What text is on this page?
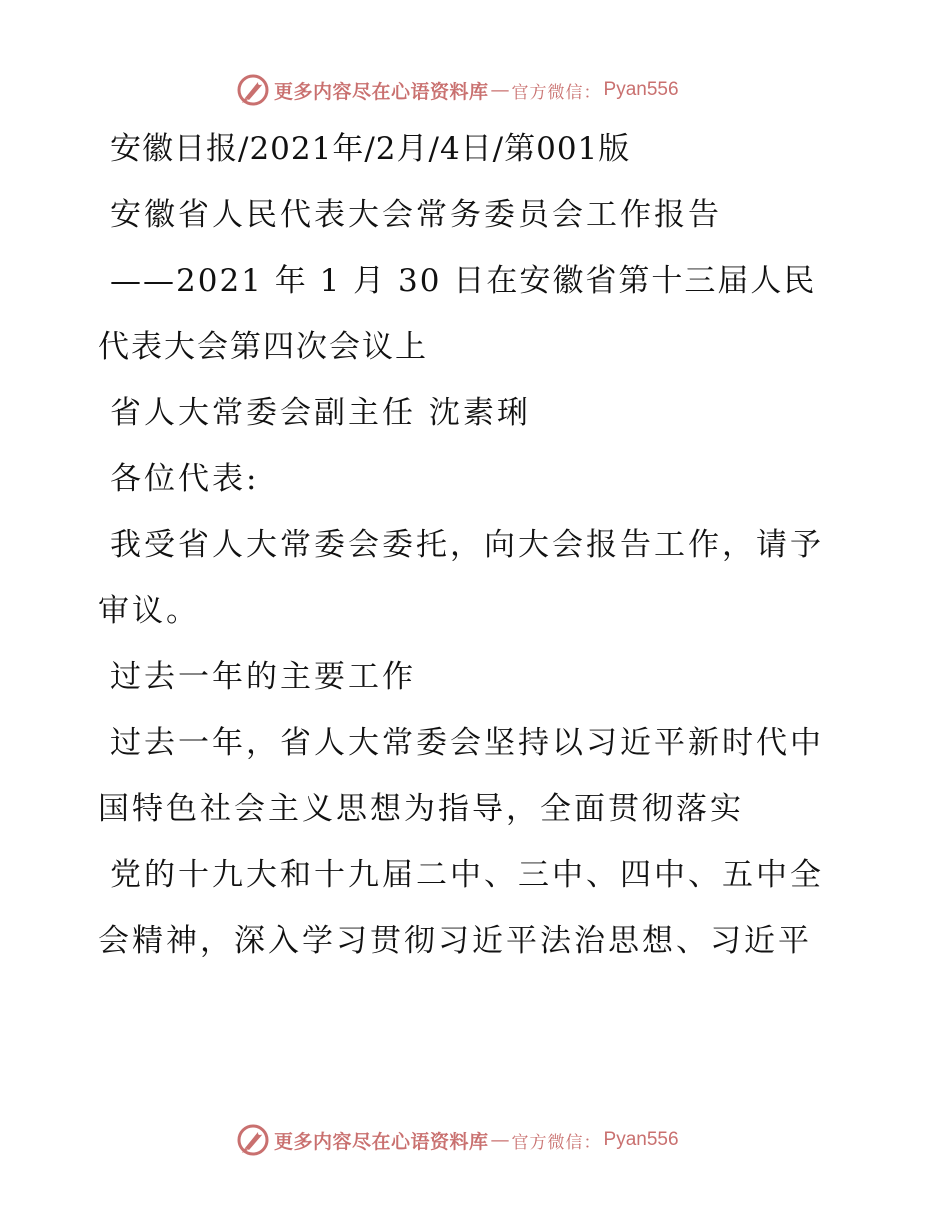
更多内容尽在心语资料库 — 官方微信： Pyan556

安徽日报/2021年/2月/4日/第001版

安徽省人民代表大会常务委员会工作报告

——2021 年 1 月 30 日在安徽省第十三届人民代表大会第四次会议上

省人大常委会副主任 沈素琍

各位代表:

我受省人大常委会委托，向大会报告工作，请予审议。

过去一年的主要工作

过去一年，省人大常委会坚持以习近平新时代中国特色社会主义思想为指导，全面贯彻落实

党的十九大和十九届二中、三中、四中、五中全会精神，深入学习贯彻习近平法治思想、习近平

更多内容尽在心语资料库 — 官方微信： Pyan556
